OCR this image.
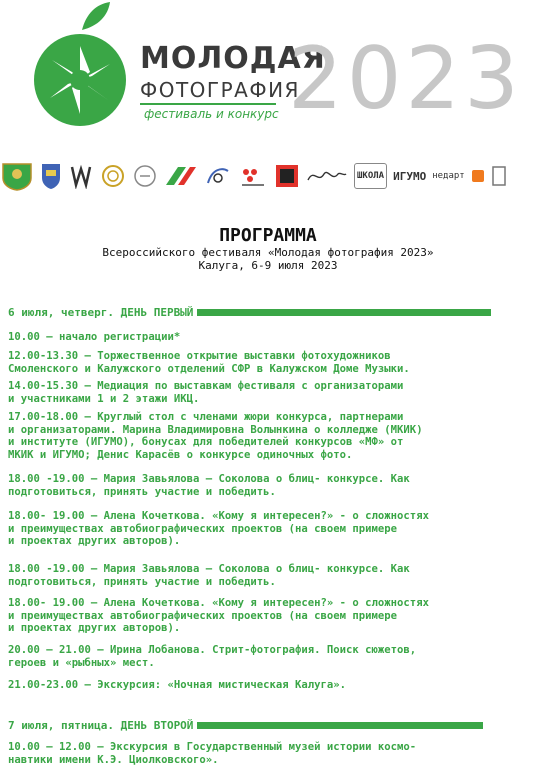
МОЛОДАЯ
ФОТОГРАФИЯ
фестиваль и конкурс 2023
ШКОЛА ИГУМО недарт
ПРОГРАММА
Всероссийского фестиваля «Молодая фотография 2023»
Калуга, 6-9 июля 2023
6 июля, четверг. ДЕНЬ ПЕРВЫЙ
10.00 — начало регистрации*
12.00-13.30 — Торжественное открытие выставки фотохудожников
Смоленского и Калужского отделений СФР в Калужском Доме Музыки.
14.00-15.30 — Медиация по выставкам фестиваля с организаторами
и участниками 1 и 2 этажи ИКЦ.
17.00-18.00 — Круглый стол с членами жюри конкурса, партнерами
и организаторами. Марина Владимировна Волынкина о колледже (МКИК)
и институте (ИГУМО), бонусах для победителей конкурсов «МФ» от
МКИК и ИГУМО; Денис Карасёв о конкурсе одиночных фото.
18.00 -19.00 — Мария Завьялова — Соколова о блиц- конкурсе. Как
подготовиться, принять участие и победить.
18.00- 19.00 — Алена Кочеткова. «Кому я интересен?» - о сложностях
и преимуществах автобиографических проектов (на своем примере
и проектах других авторов).
18.00 -19.00 — Мария Завьялова — Соколова о блиц- конкурсе. Как
подготовиться, принять участие и победить.
18.00- 19.00 — Алена Кочеткова. «Кому я интересен?» - о сложностях
и преимуществах автобиографических проектов (на своем примере
и проектах других авторов).
20.00 — 21.00 — Ирина Лобанова. Стрит-фотография. Поиск сюжетов,
героев и «рыбных» мест.
21.00-23.00 — Экскурсия: «Ночная мистическая Калуга».
7 июля, пятница. ДЕНЬ ВТОРОЙ
10.00 — 12.00 — Экскурсия в Государственный музей истории космо-
навтики имени К.Э. Циолковского».
